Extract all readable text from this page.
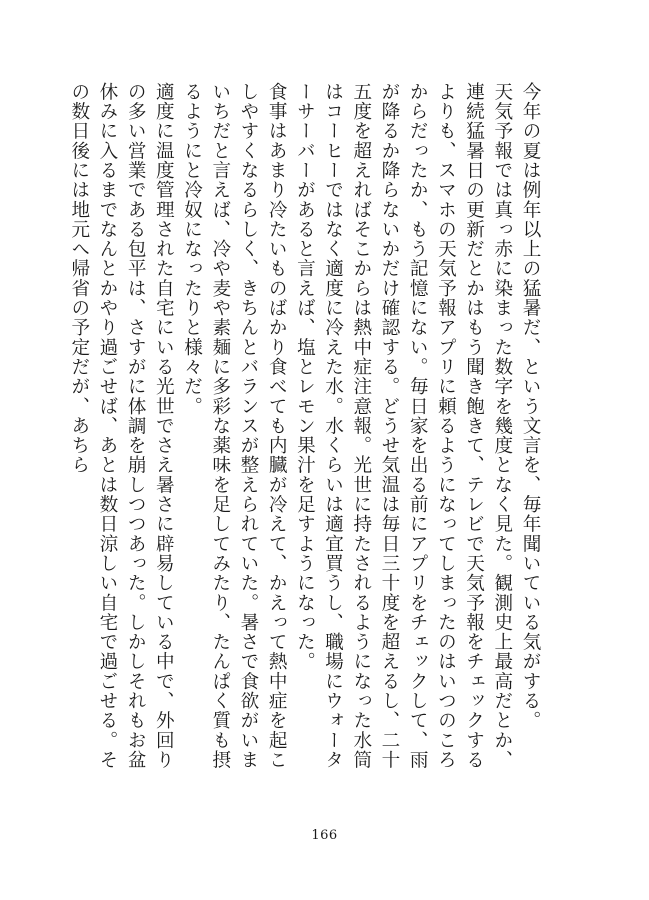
今年の夏は例年以上の猛暑だ、という文言を、毎年聞いている気がする。

天気予報では真っ赤に染まった数字を幾度となく見た。観測史上最高だとか、連続猛暑日の更新だとかはもう聞き飽きて、テレビで天気予報をチェックするよりも、スマホの天気予報アプリに頼るようになってしまったのはいつのころからだったか、もう記憶にない。毎日家を出る前にアプリをチェックして、雨が降るか降らないかだけ確認する。どうせ気温は毎日三十度を超えるし、二十五度を超えればそこからは熱中症注意報。光世に持たされるようになった水筒はコーヒーではなく適度に冷えた水。水くらいは適宜買うし、職場にウォーターサーバーがあると言えば、塩とレモン果汁を足すようになった。

食事はあまり冷たいものばかり食べても内臓が冷えて、かえって熱中症を起こしやすくなるらしく、きちんとバランスが整えられていた。暑さで食欲がいまいちだと言えば、冷や麦や素麺に多彩な薬味を足してみたり、たんぱく質も摂るようにと冷奴になったりと様々だ。

適度に温度管理された自宅にいる光世でさえ暑さに辟易している中で、外回りの多い営業である包平は、さすがに体調を崩しつつあった。しかしそれもお盆休みに入るまでなんとかやり過ごせば、あとは数日涼しい自宅で過ごせる。その数日後には地元へ帰省の予定だが、あちら

166
